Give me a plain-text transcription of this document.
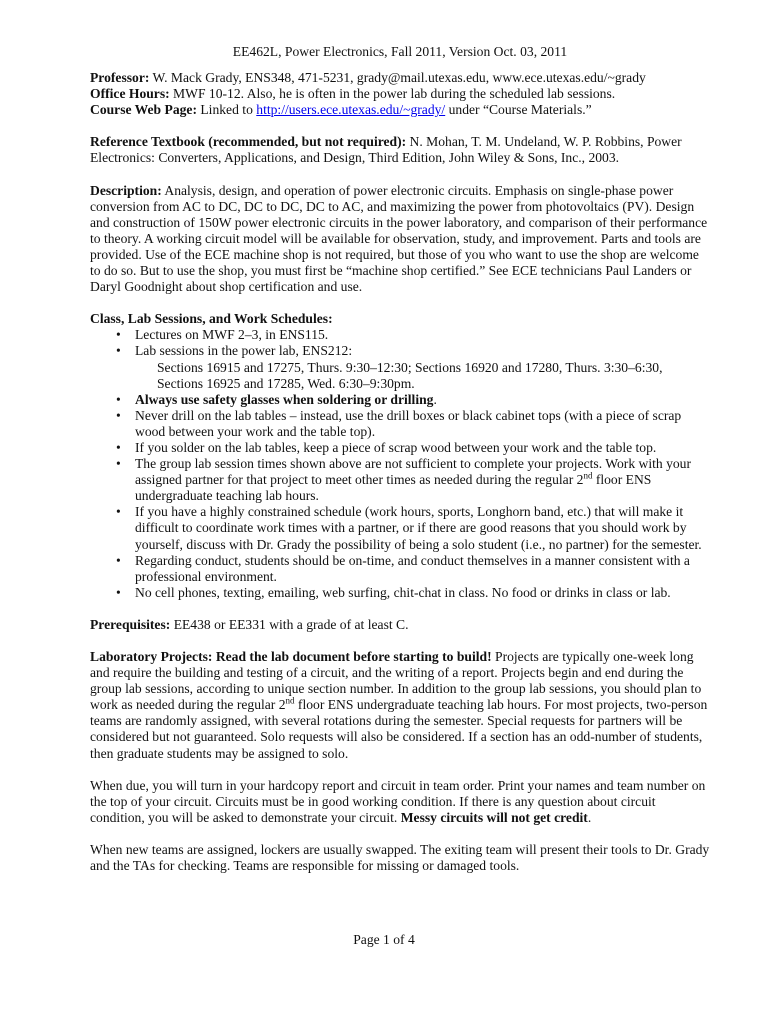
EE462L, Power Electronics, Fall 2011, Version Oct. 03, 2011

Professor: W. Mack Grady, ENS348, 471-5231, grady@mail.utexas.edu, www.ece.utexas.edu/~grady

Office Hours: MWF 10-12. Also, he is often in the power lab during the scheduled lab sessions.

Course Web Page: Linked to http://users.ece.utexas.edu/~grady/ under “Course Materials.”

Reference Textbook (recommended, but not required): N. Mohan, T. M. Undeland, W. P. Robbins, Power Electronics: Converters, Applications, and Design, Third Edition, John Wiley & Sons, Inc., 2003.

Description: Analysis, design, and operation of power electronic circuits. Emphasis on single-phase power conversion from AC to DC, DC to DC, DC to AC, and maximizing the power from photovoltaics (PV). Design and construction of 150W power electronic circuits in the power laboratory, and comparison of their performance to theory. A working circuit model will be available for observation, study, and improvement. Parts and tools are provided. Use of the ECE machine shop is not required, but those of you who want to use the shop are welcome to do so. But to use the shop, you must first be “machine shop certified.” See ECE technicians Paul Landers or Daryl Goodnight about shop certification and use.

Class, Lab Sessions, and Work Schedules:
• Lectures on MWF 2–3, in ENS115.
• Lab sessions in the power lab, ENS212:
Sections 16915 and 17275, Thurs. 9:30–12:30; Sections 16920 and 17280, Thurs. 3:30–6:30,
Sections 16925 and 17285, Wed. 6:30–9:30pm.
• Always use safety glasses when soldering or drilling.
• Never drill on the lab tables – instead, use the drill boxes or black cabinet tops (with a piece of scrap wood between your work and the table top).
• If you solder on the lab tables, keep a piece of scrap wood between your work and the table top.
• The group lab session times shown above are not sufficient to complete your projects. Work with your assigned partner for that project to meet other times as needed during the regular 2nd floor ENS undergraduate teaching lab hours.
• If you have a highly constrained schedule (work hours, sports, Longhorn band, etc.) that will make it difficult to coordinate work times with a partner, or if there are good reasons that you should work by yourself, discuss with Dr. Grady the possibility of being a solo student (i.e., no partner) for the semester.
• Regarding conduct, students should be on-time, and conduct themselves in a manner consistent with a professional environment.
• No cell phones, texting, emailing, web surfing, chit-chat in class. No food or drinks in class or lab.

Prerequisites: EE438 or EE331 with a grade of at least C.

Laboratory Projects: Read the lab document before starting to build! Projects are typically one-week long and require the building and testing of a circuit, and the writing of a report. Projects begin and end during the group lab sessions, according to unique section number. In addition to the group lab sessions, you should plan to work as needed during the regular 2nd floor ENS undergraduate teaching lab hours. For most projects, two-person teams are randomly assigned, with several rotations during the semester. Special requests for partners will be considered but not guaranteed. Solo requests will also be considered. If a section has an odd-number of students, then graduate students may be assigned to solo.

When due, you will turn in your hardcopy report and circuit in team order. Print your names and team number on the top of your circuit. Circuits must be in good working condition. If there is any question about circuit condition, you will be asked to demonstrate your circuit. Messy circuits will not get credit.

When new teams are assigned, lockers are usually swapped. The exiting team will present their tools to Dr. Grady and the TAs for checking. Teams are responsible for missing or damaged tools.

Page 1 of 4
